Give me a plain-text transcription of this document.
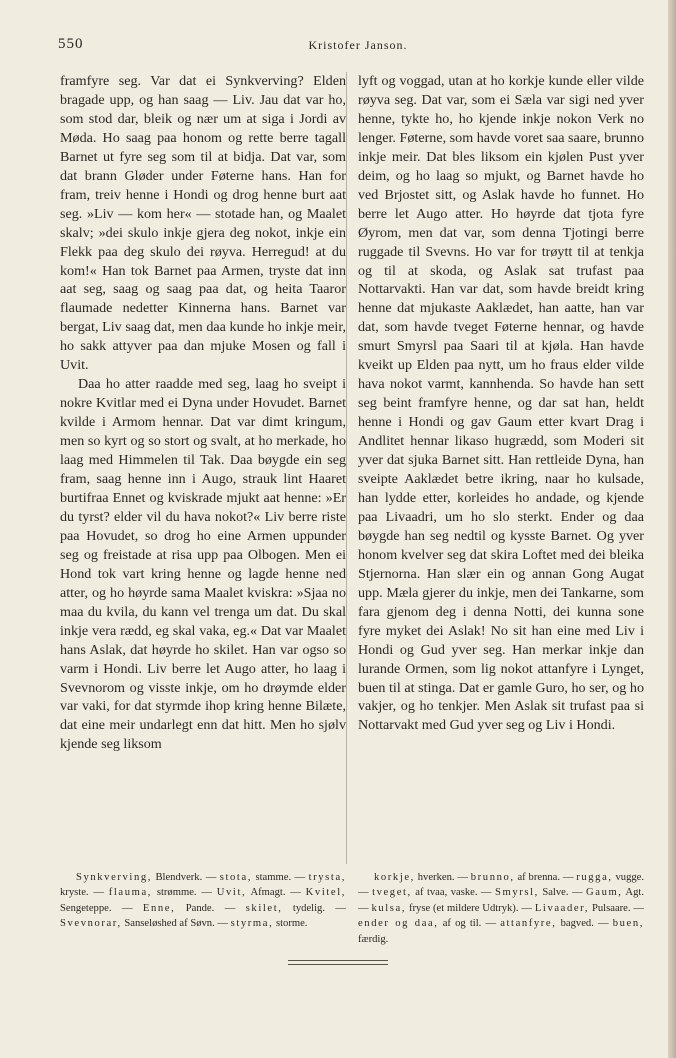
550	Kristofer Janson.

framfyre seg. Var dat ei Synkverving? Elden bragade upp, og han saag — Liv. Jau dat var ho, som stod dar, bleik og nær um at siga i Jordi av Møda. Ho saag paa honom og rette berre tagall Barnet ut fyre seg som til at bidja. Dat var, som dat brann Gløder under Føterne hans. Han for fram, treiv henne i Hondi og drog henne burt aat seg. »Liv — kom her« — stotade han, og Maalet skalv; »dei skulo inkje gjera deg nokot, inkje ein Flekk paa deg skulo dei røyva. Herregud! at du kom!« Han tok Barnet paa Armen, tryste dat inn aat seg, saag og saag paa dat, og heita Taaror flaumade nedetter Kinnerna hans. Barnet var bergat, Liv saag dat, men daa kunde ho inkje meir, ho sakk attyver paa dan mjuke Mosen og fall i Uvit.

Daa ho atter raadde med seg, laag ho sveipt i nokre Kvitlar med ei Dyna under Hovudet. Barnet kvilde i Armom hennar. Dat var dimt kringum, men so kyrt og so stort og svalt, at ho merkade, ho laag med Himmelen til Tak. Daa bøygde ein seg fram, saag henne inn i Augo, strauk lint Haaret burtifraa Ennet og kviskrade mjukt aat henne: »Er du tyrst? elder vil du hava nokot?« Liv berre riste paa Hovudet, so drog ho eine Armen uppunder seg og freistade at risa upp paa Olbogen. Men ei Hond tok vart kring henne og lagde henne ned atter, og ho høyrde sama Maalet kviskra: »Sjaa no maa du kvila, du kann vel trenga um dat. Du skal inkje vera rædd, eg skal vaka, eg.« Dat var Maalet hans Aslak, dat høyrde ho skilet. Han var ogso so varm i Hondi. Liv berre let Augo atter, ho laag i Svevnorom og visste inkje, om ho drøymde elder var vaki, for dat styrmde ihop kring henne Bilæte, dat eine meir undarlegt enn dat hitt. Men ho sjølv kjende seg liksom

lyft og voggad, utan at ho korkje kunde eller vilde røyva seg. Dat var, som ei Sæla var sigi ned yver henne, tykte ho, ho kjende inkje nokon Verk no lenger. Føterne, som havde voret saa saare, brunno inkje meir. Dat bles liksom ein kjølen Pust yver deim, og ho laag so mjukt, og Barnet havde ho ved Brjostet sitt, og Aslak havde ho funnet. Ho berre let Augo atter. Ho høyrde dat tjota fyre Øyrom, men dat var, som denna Tjotingi berre ruggade til Svevns. Ho var for trøytt til at tenkja og til at skoda, og Aslak sat trufast paa Nottarvakti. Han var dat, som havde breidt kring henne dat mjukaste Aaklædet, han aatte, han var dat, som havde tveget Føterne hennar, og havde smurt Smyrsl paa Saari til at kjøla. Han havde kveikt up Elden paa nytt, um ho fraus elder vilde hava nokot varmt, kannhenda. So havde han sett seg beint framfyre henne, og dar sat han, heldt henne i Hondi og gav Gaum etter kvart Drag i Andlitet hennar likaso hugrædd, som Moderi sit yver dat sjuka Barnet sitt. Han rettleide Dyna, han sveipte Aaklædet betre ikring, naar ho kulsade, han lydde etter, korleides ho andade, og kjende paa Livaadri, um ho slo sterkt. Ender og daa bøygde han seg nedtil og kysste Barnet. Og yver honom kvelver seg dat skira Loftet med dei bleika Stjernorna. Han slær ein og annan Gong Augat upp. Mæla gjerer du inkje, men dei Tankarne, som fara gjenom deg i denna Notti, dei kunna sone fyre myket dei Aslak! No sit han eine med Liv i Hondi og Gud yver seg. Han merkar inkje dan lurande Ormen, som lig nokot attanfyre i Lynget, buen til at stinga. Dat er gamle Guro, ho ser, og ho vakjer, og ho tenkjer. Men Aslak sit trufast paa si Nottarvakt med Gud yver seg og Liv i Hondi.

Synkverving, Blendverk. — stota, stamme. — trysta, kryste. — flauma, strømme. — Uvit, Afmagt. — Kvitel, Sengeteppe. — Enne, Pande. — skilet, tydelig. — Svevnorar, Sanseløshed af Søvn. — styrma, storme.

korkje, hverken. — brunno, af brenna. — rugga, vugge. — tveget, af tvaa, vaske. — Smyrsl, Salve. — Gaum, Agt. — kulsa, fryse (et mildere Udtryk). — Livaader, Pulsaare. — ender og daa, af og til. — attanfyre, bagved. — buen, færdig.
